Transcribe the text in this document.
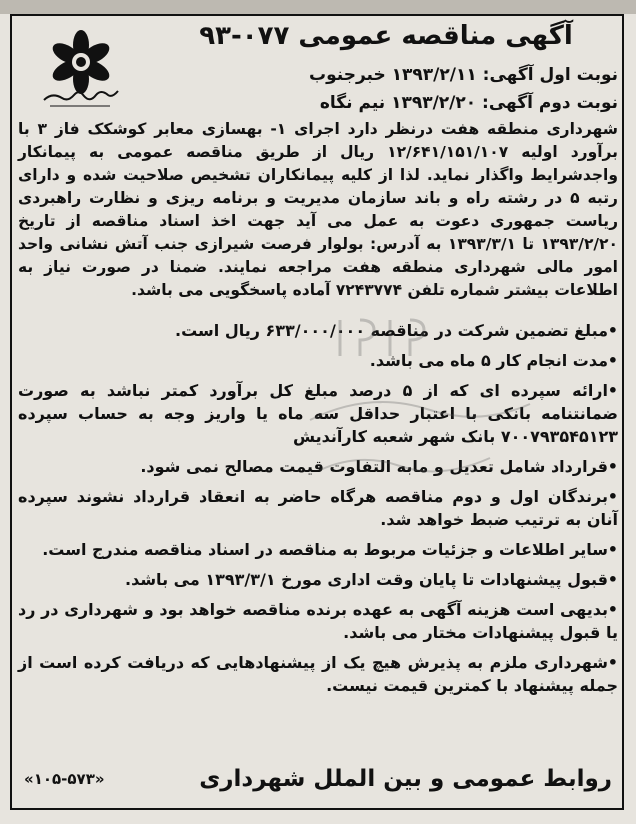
آگهی مناقصه عمومی ۰۷۷-۹۳
نوبت اول آگهی: ۱۳۹۳/۲/۱۱ خبرجنوب
نوبت دوم آگهی: ۱۳۹۳/۲/۲۰ نیم نگاه
شهرداری منطقه هفت درنظر دارد اجرای ۱- بهسازی معابر کوشکک فاز ۳ با برآورد اولیه ۱۲/۶۴۱/۱۵۱/۱۰۷ ریال از طریق مناقصه عمومی به پیمانکار واجدشرایط واگذار نماید. لذا از کلیه پیمانکاران تشخیص صلاحیت شده و دارای رتبه ۵ در رشته راه و باند سازمان مدیریت و برنامه ریزی و نظارت راهبردی ریاست جمهوری دعوت به عمل می آید جهت اخذ اسناد مناقصه از تاریخ ۱۳۹۳/۲/۲۰ تا ۱۳۹۳/۳/۱ به آدرس: بولوار فرصت شیرازی جنب آتش نشانی واحد امور مالی شهرداری منطقه هفت مراجعه نمایند. ضمنا در صورت نیاز به اطلاعات بیشتر شماره تلفن ۷۲۴۳۷۷۴ آماده پاسخگویی می باشد.
•مبلغ تضمین شرکت در مناقصه ۶۳۳/۰۰۰/۰۰۰ ریال است.
•مدت انجام کار ۵ ماه می باشد.
•ارائه سپرده ای که از ۵ درصد مبلغ کل برآورد کمتر نباشد به صورت ضمانتنامه بانکی با اعتبار حداقل سه ماه یا واریز وجه به حساب سپرده ۷۰۰۷۹۳۵۴۵۱۲۳ بانک شهر شعبه کارآندیش
•قرارداد شامل تعدیل و مابه التفاوت قیمت مصالح نمی شود.
•برندگان اول و دوم مناقصه هرگاه حاضر به انعقاد قرارداد نشوند سپرده آنان به ترتیب ضبط خواهد شد.
•سایر اطلاعات و جزئیات مربوط به مناقصه در اسناد مناقصه مندرج است.
•قبول پیشنهادات تا پایان وقت اداری مورخ ۱۳۹۳/۳/۱ می باشد.
•بدیهی است هزینه آگهی به عهده برنده مناقصه خواهد بود و شهرداری در رد یا قبول پیشنهادات مختار می باشد.
•شهرداری ملزم به پذیرش هیچ یک از پیشنهادهایی که دریافت کرده است از جمله پیشنهاد با کمترین قیمت نیست.
روابط عمومی و بین الملل شهرداری
«۱۰۵-۵۷۳»
